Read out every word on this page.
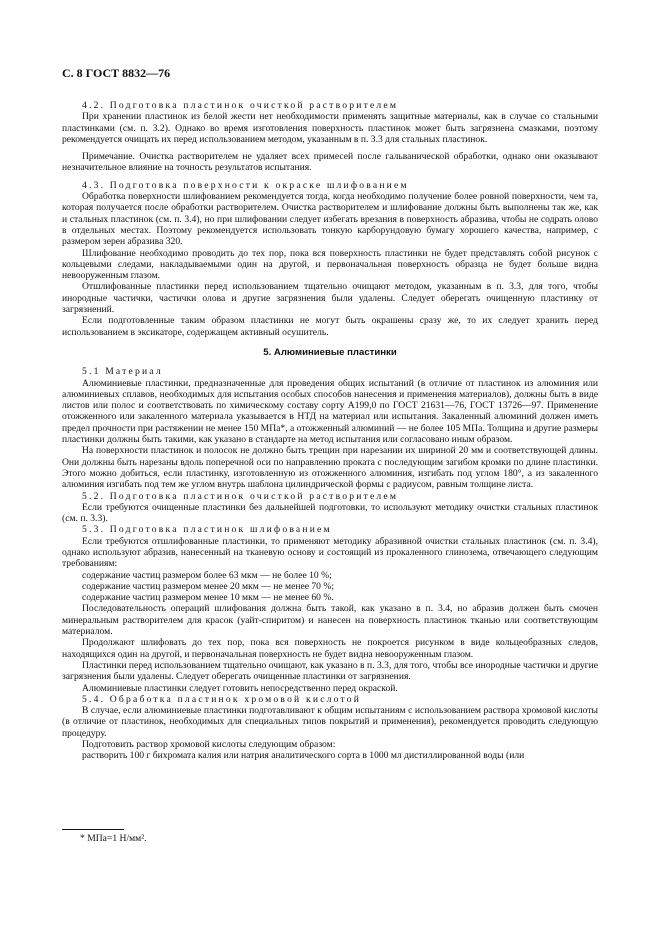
С. 8 ГОСТ 8832—76

4.2. Подготовка пластинок очисткой растворителем

При хранении пластинок из белой жести нет необходимости применять защитные материалы, как в случае со стальными пластинками (см. п. 3.2). Однако во время изготовления поверхность пластинок может быть загрязнена смазками, поэтому рекомендуется очищать их перед использованием методом, указанным в п. 3.3 для стальных пластинок.

Примечание. Очистка растворителем не удаляет всех примесей после гальванической обработки, однако они оказывают незначительное влияние на точность результатов испытания.

4.3. Подготовка поверхности к окраске шлифованием

Обработка поверхности шлифованием рекомендуется тогда, когда необходимо получение более ровной поверхности, чем та, которая получается после обработки растворителем. Очистка растворителем и шлифование должны быть выполнены так же, как и стальных пластинок (см. п. 3.4), но при шлифовании следует избегать врезания в поверхность абразива, чтобы не содрать олово в отдельных местах. Поэтому рекомендуется использовать тонкую карборундовую бумагу хорошего качества, например, с размером зерен абразива 320.

Шлифование необходимо проводить до тех пор, пока вся поверхность пластинки не будет представлять собой рисунок с кольцевыми следами, накладываемыми один на другой, и первоначальная поверхность образца не будет больше видна невооруженным глазом.

Отшлифованные пластинки перед использованием тщательно очищают методом, указанным в п. 3.3, для того, чтобы инородные частички, частички олова и другие загрязнения были удалены. Следует оберегать очищенную пластинку от загрязнений.

Если подготовленные таким образом пластинки не могут быть окрашены сразу же, то их следует хранить перед использованием в эксикаторе, содержащем активный осушитель.

5. Алюминиевые пластинки

5.1 Материал

Алюминиевые пластинки, предназначенные для проведения общих испытаний (в отличие от пластинок из алюминия или алюминиевых сплавов, необходимых для испытания особых способов нанесения и применения материалов), должны быть в виде листов или полос и соответствовать по химическому составу сорту А199,0 по ГОСТ 21631—76, ГОСТ 13726—97. Применение отожженного или закаленного материала указывается в НТД на материал или испытания. Закаленный алюминий должен иметь предел прочности при растяжении не менее 150 МПа*, а отожженный алюминий — не более 105 МПа. Толщина и другие размеры пластинки должны быть такими, как указано в стандарте на метод испытания или согласовано иным образом.

На поверхности пластинок и полосок не должно быть трещин при нарезании их шириной 20 мм и соответствующей длины. Они должны быть нарезаны вдоль поперечной оси по направлению проката с последующим загибом кромки по длине пластинки. Этого можно добиться, если пластинку, изготовленную из отожженного алюминия, изгибать под углом 180°, а из закаленного алюминия изгибать под тем же углом внутрь шаблона цилиндрической формы с радиусом, равным толщине листа.

5.2. Подготовка пластинок очисткой растворителем

Если требуются очищенные пластинки без дальнейшей подготовки, то используют методику очистки стальных пластинок (см. п. 3.3).

5.3. Подготовка пластинок шлифованием

Если требуются отшлифованные пластинки, то применяют методику абразивной очистки стальных пластинок (см. п. 3.4), однако используют абразив, нанесенный на тканевую основу и состоящий из прокаленного глинозема, отвечающего следующим требованиям:

содержание частиц размером более 63 мкм — не более 10 %;

содержание частиц размером менее 20 мкм — не менее 70 %;

содержание частиц размером менее 10 мкм — не менее 60 %.

Последовательность операций шлифования должна быть такой, как указано в п. 3.4, но абразив должен быть смочен минеральным растворителем для красок (уайт-спиритом) и нанесен на поверхность пластинок тканью или соответствующим материалом.

Продолжают шлифовать до тех пор, пока вся поверхность не покроется рисунком в виде кольцеобразных следов, находящихся один на другой, и первоначальная поверхность не будет видна невооруженным глазом.

Пластинки перед использованием тщательно очищают, как указано в п. 3.3, для того, чтобы все инородные частички и другие загрязнения были удалены. Следует оберегать очищенные пластинки от загрязнения.

Алюминиевые пластинки следует готовить непосредственно перед окраской.

5.4. Обработка пластинок хромовой кислотой

В случае, если алюминиевые пластинки подготавливают к общим испытаниям с использованием раствора хромовой кислоты (в отличие от пластинок, необходимых для специальных типов покрытий и применения), рекомендуется проводить следующую процедуру.

Подготовить раствор хромовой кислоты следующим образом:

растворить 100 г бихромата калия или натрия аналитического сорта в 1000 мл дистиллированной воды (или

* МПа=1 Н/мм².
